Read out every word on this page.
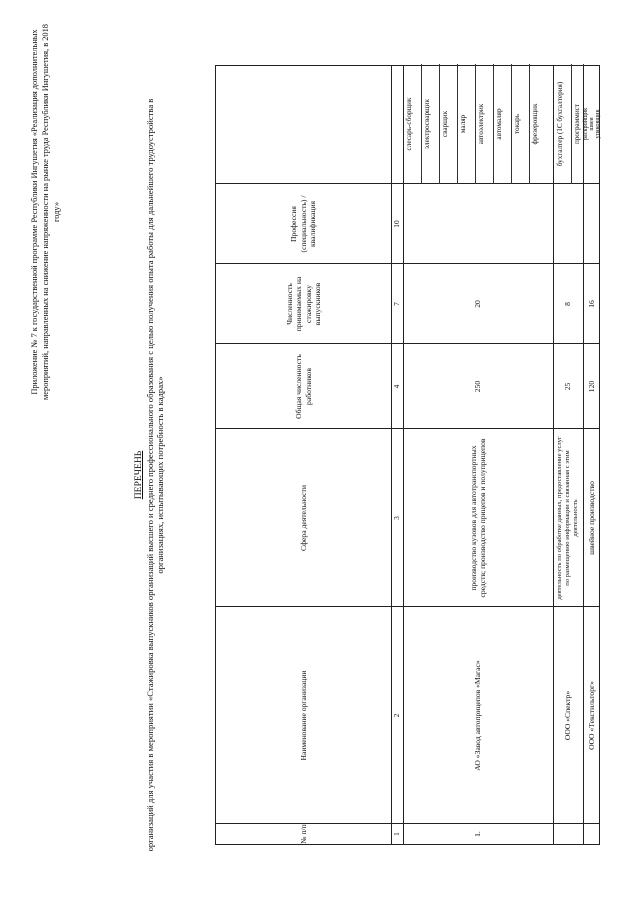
Приложение № 7 к государственной программе Республики Ингушетия «Реализация дополнительных мероприятий, направленных на снижение напряженности на рынке труда Республики Ингушетия, в 2018 году»
ПЕРЕЧЕНЬ организаций для участия в мероприятии «Стажировка выпускников организаций высшего и среднего профессионального образования с целью получения опыта работы для дальнейшего трудоустройства в организациях, испытывающих потребность в кадрах»
№ п/п
Наименование организации
Сфера деятельности
Общая численность работников
Численность принимаемых на стажировку выпускников
Профессия (специальность) / квалификация
1
2
3
4
7
10
1.
АО «Завод автоприцепов «Магас»
производство кузовов для автотранспортных средств; производство прицепов и полуприцепов
250
20
слесарь-сборщик электросварщик сварщик маляр автоэлектрик автомаляр токарь фрезеровщик
ООО «Спектр»
деятельность по обработке данных, предоставление услуг по размещению информации и связанная с этим деятельность
25
8
бухгалтер (1С бухгалтерия) программист
ООО «Текстильторг»
швейное производство
120
16
раскройщик швея упаковщик
